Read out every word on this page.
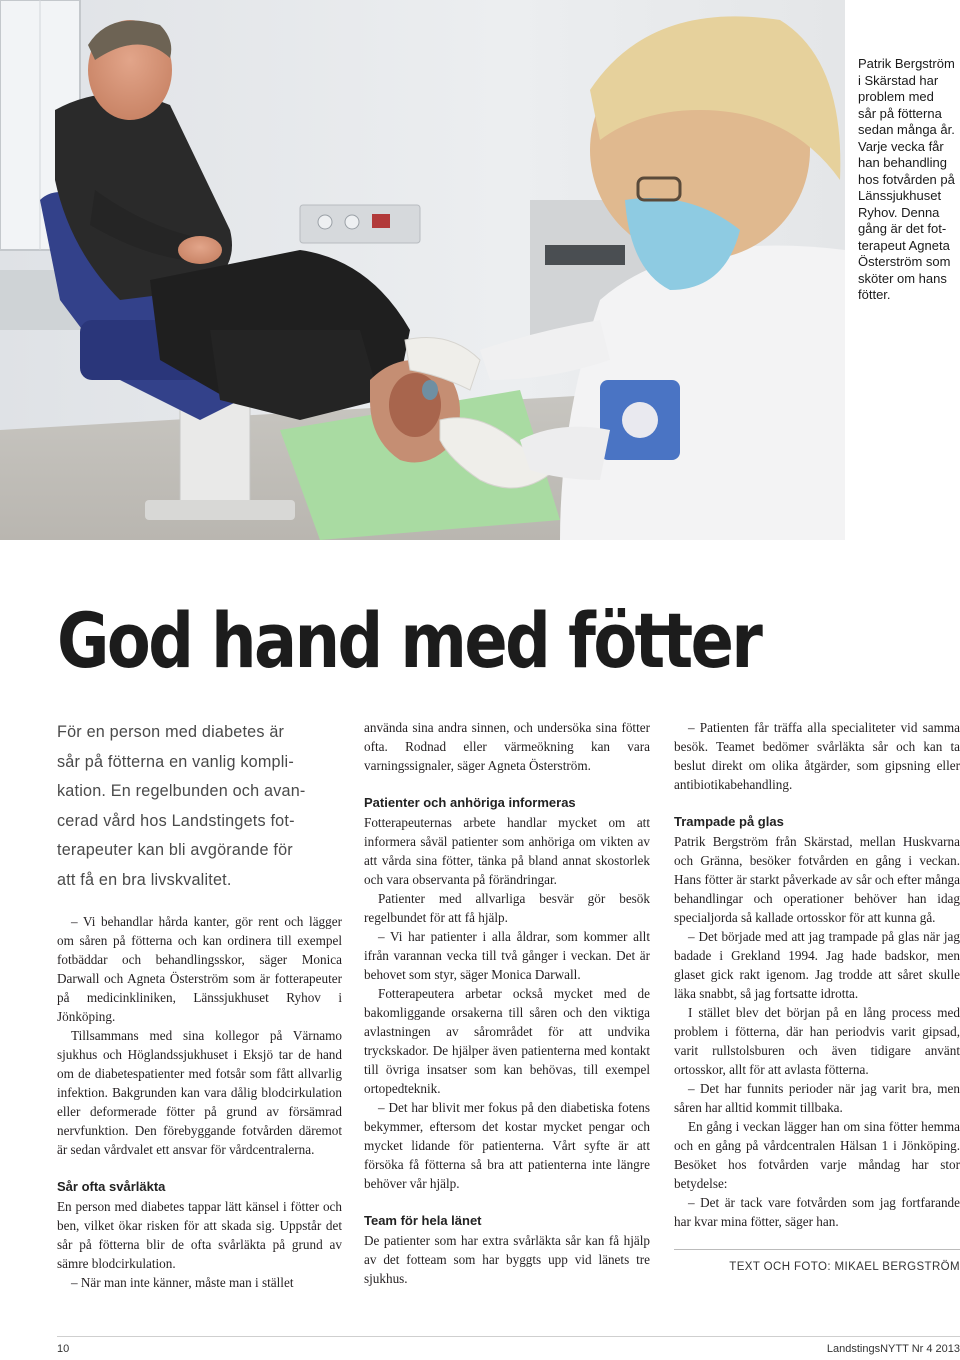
Patrik Bergström
i Skärstad har
problem med
sår på fötterna
sedan många år.
Varje vecka får
han behandling
hos fotvården på
Länssjukhuset
Ryhov. Denna
gång är det fot-
terapeut Agneta
Österström som
sköter om hans
fötter.
God hand med fötter
För en person med diabetes är
sår på fötterna en vanlig kompli-
kation. En regelbunden och avan-
cerad vård hos Landstingets fot-
terapeuter kan bli avgörande för
att få en bra livskvalitet.

– Vi behandlar hårda kanter, gör rent och lägger om såren på fötterna och kan ordinera till exempel fotbäddar och behandlingsskor, säger Monica Darwall och Agneta Österström som är fotterapeuter på medicinkliniken, Länssjukhuset Ryhov i Jönköping.

Tillsammans med sina kollegor på Värnamo sjukhus och Höglandssjukhuset i Eksjö tar de hand om de diabetespatienter med fotsår som fått allvarlig infektion. Bakgrunden kan vara dålig blodcirkulation eller deformerade fötter på grund av försämrad nervfunktion. Den förebyggande fotvården däremot är sedan vårdvalet ett ansvar för vårdcentralerna.

Sår ofta svårläkta

En person med diabetes tappar lätt känsel i fötter och ben, vilket ökar risken för att skada sig. Uppstår det sår på fötterna blir de ofta svårläkta på grund av sämre blodcirkulation.

– När man inte känner, måste man i stället

använda sina andra sinnen, och undersöka sina fötter ofta. Rodnad eller värmeökning kan vara varningssignaler, säger Agneta Österström.

Patienter och anhöriga informeras

Fotterapeuternas arbete handlar mycket om att informera såväl patienter som anhöriga om vikten av att vårda sina fötter, tänka på bland annat skostorlek och vara observanta på förändringar.

Patienter med allvarliga besvär gör besök regelbundet för att få hjälp.

– Vi har patienter i alla åldrar, som kommer allt ifrån varannan vecka till två gånger i veckan. Det är behovet som styr, säger Monica Darwall.

Fotterapeutera arbetar också mycket med de bakomliggande orsakerna till såren och den viktiga avlastningen av sårområdet för att undvika tryckskador. De hjälper även patienterna med kontakt till övriga insatser som kan behövas, till exempel ortopedteknik.

– Det har blivit mer fokus på den diabetiska fotens bekymmer, eftersom det kostar mycket pengar och mycket lidande för patienterna. Vårt syfte är att försöka få fötterna så bra att patienterna inte längre behöver vår hjälp.

Team för hela länet

De patienter som har extra svårläkta sår kan få hjälp av det fotteam som har byggts upp vid länets tre sjukhus.

– Patienten får träffa alla specialiteter vid samma besök. Teamet bedömer svårläkta sår och kan ta beslut direkt om olika åtgärder, som gipsning eller antibiotikabehandling.

Trampade på glas

Patrik Bergström från Skärstad, mellan Huskvarna och Gränna, besöker fotvården en gång i veckan. Hans fötter är starkt påverkade av sår och efter många behandlingar och operationer behöver han idag specialjorda så kallade ortosskor för att kunna gå.

– Det började med att jag trampade på glas när jag badade i Grekland 1994. Jag hade badskor, men glaset gick rakt igenom. Jag trodde att såret skulle läka snabbt, så jag fortsatte idrotta.

I stället blev det början på en lång process med problem i fötterna, där han periodvis varit gipsad, varit rullstolsburen och även tidigare använt ortosskor, allt för att avlasta fötterna.

– Det har funnits perioder när jag varit bra, men såren har alltid kommit tillbaka.

En gång i veckan lägger han om sina fötter hemma och en gång på vårdcentralen Hälsan 1 i Jönköping. Besöket hos fotvården varje måndag har stor betydelse:

– Det är tack vare fotvården som jag fortfarande har kvar mina fötter, säger han.

TEXT OCH FOTO: MIKAEL BERGSTRÖM
10	LandstingsNYTT Nr 4 2013
